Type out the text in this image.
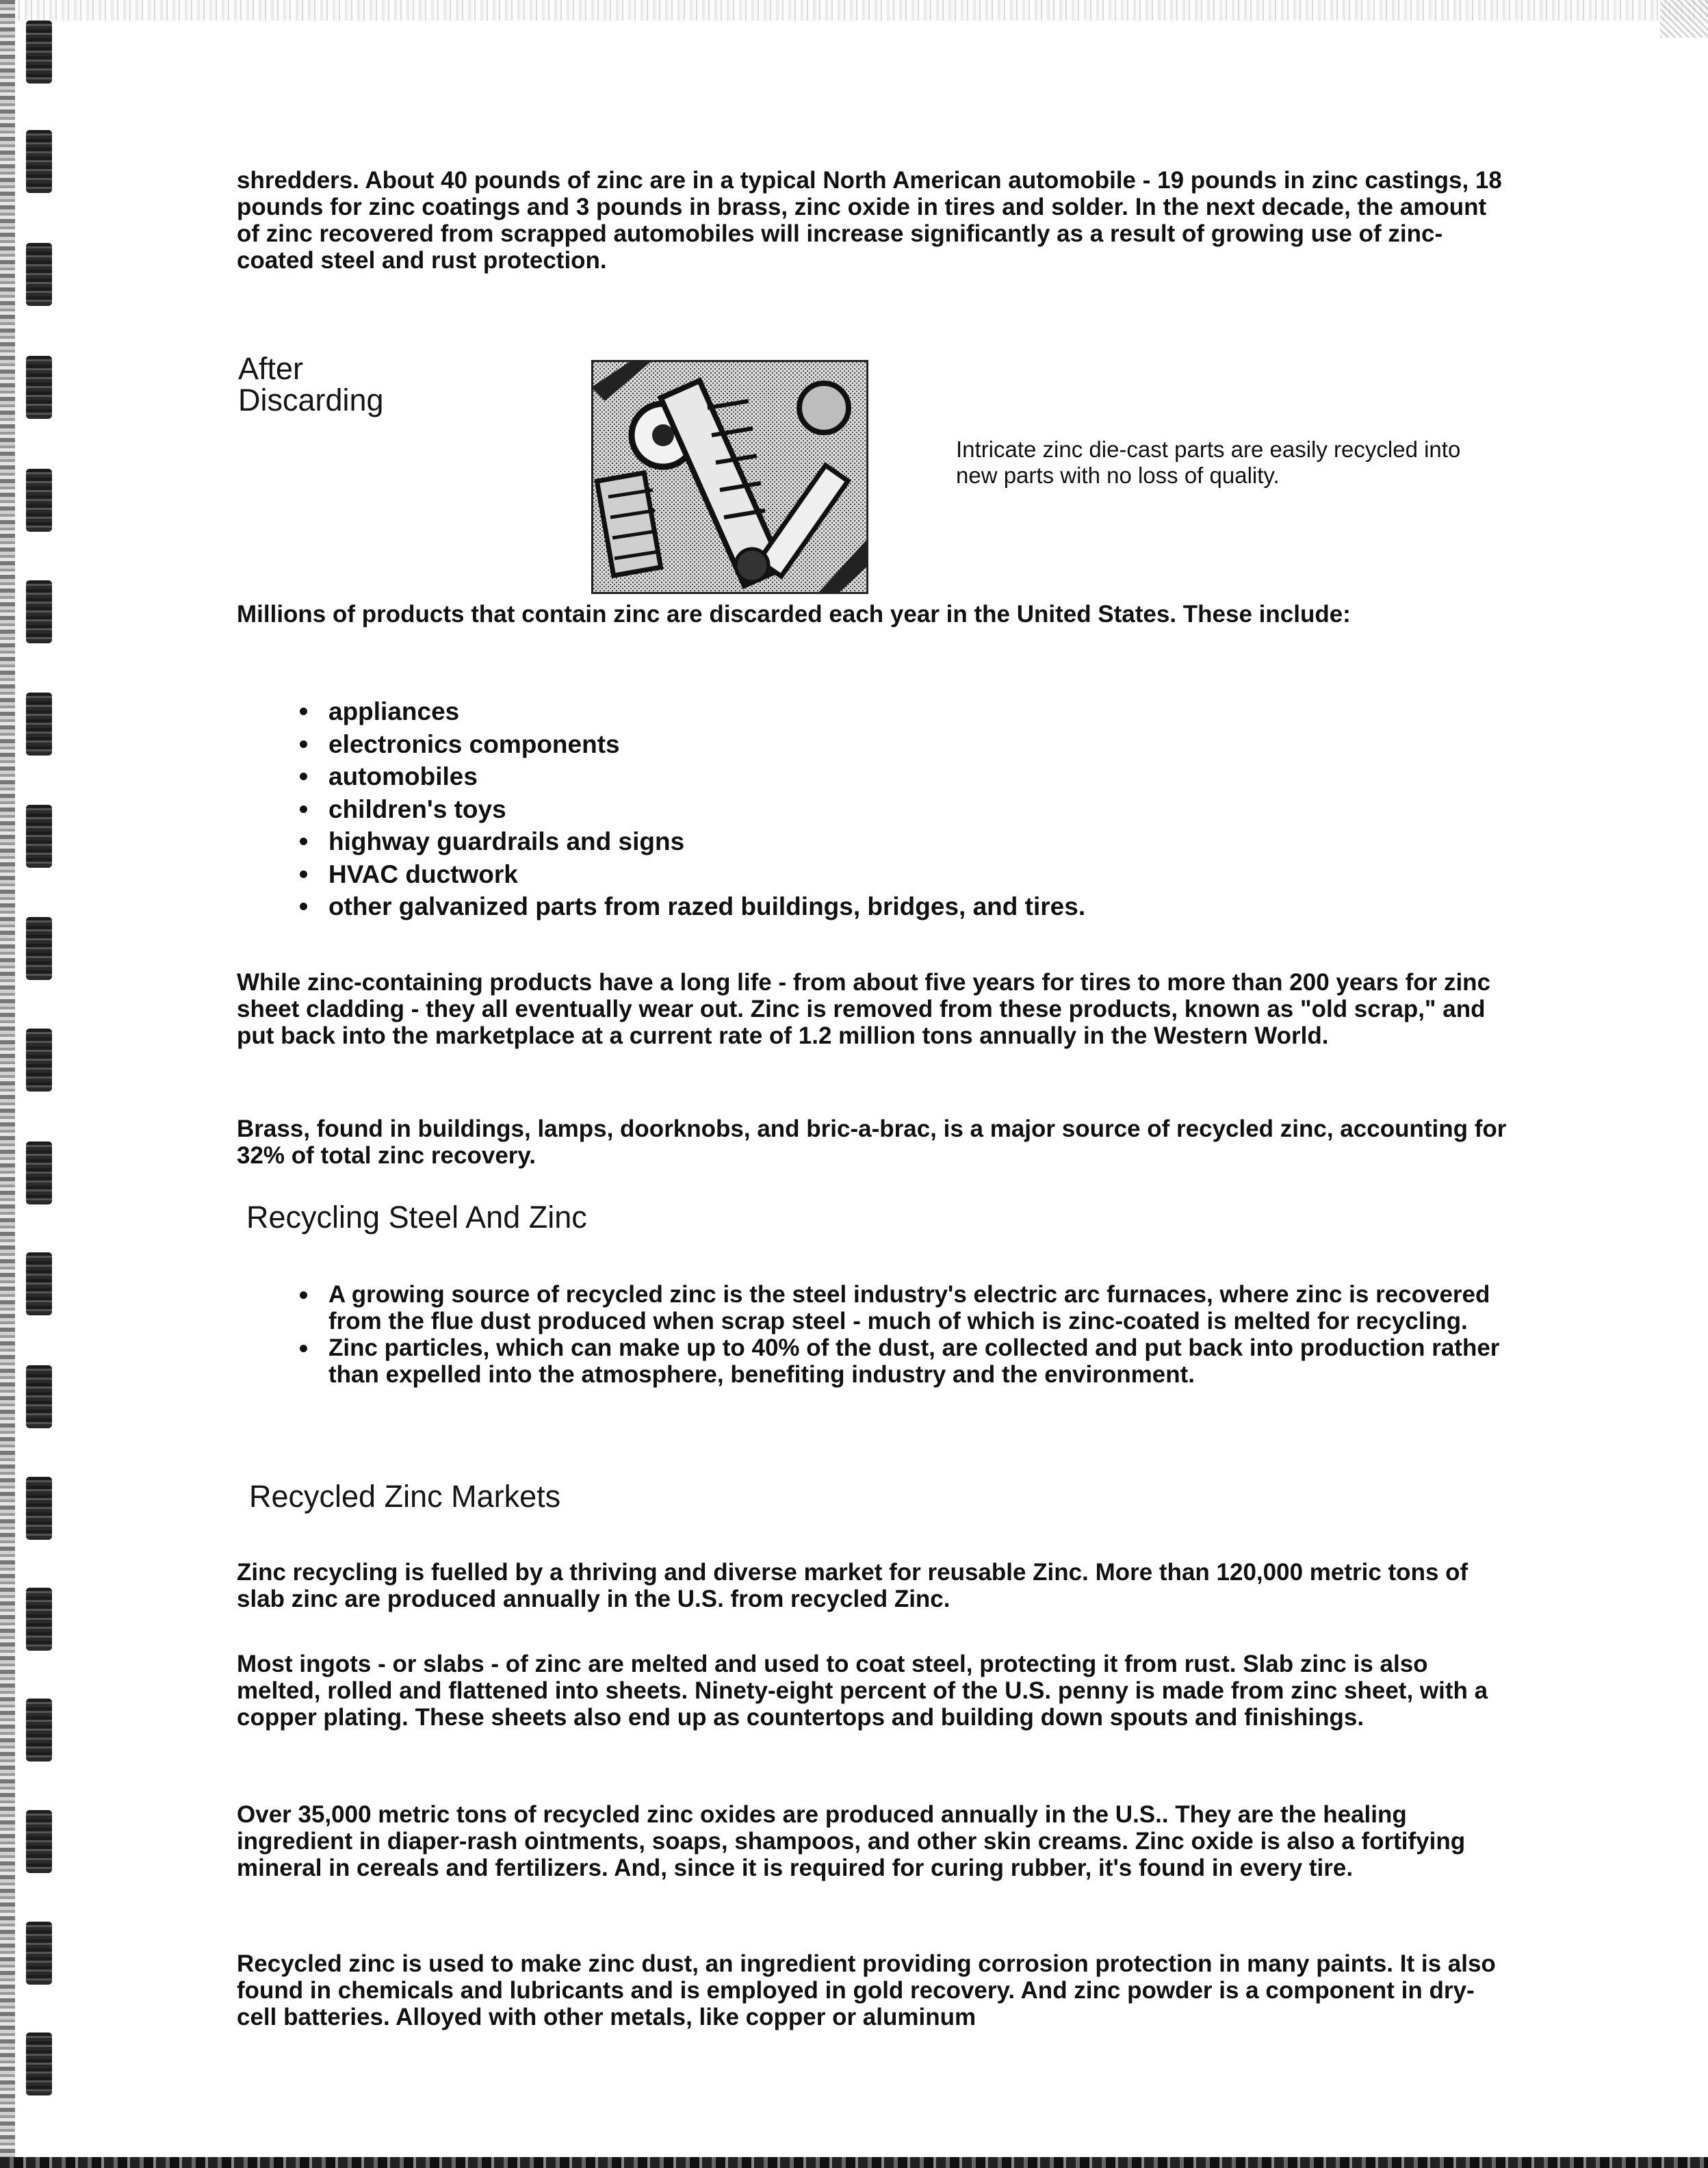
shredders. About 40 pounds of zinc are in a typical North American automobile - 19 pounds in zinc castings, 18 pounds for zinc coatings and 3 pounds in brass, zinc oxide in tires and solder. In the next decade, the amount of zinc recovered from scrapped automobiles will increase significantly as a result of growing use of zinc-coated steel and rust protection.

After
Discarding

Intricate zinc die-cast parts are easily recycled into new parts with no loss of quality.

Millions of products that contain zinc are discarded each year in the United States. These include:

appliances
electronics components
automobiles
children's toys
highway guardrails and signs
HVAC ductwork
other galvanized parts from razed buildings, bridges, and tires.

While zinc-containing products have a long life - from about five years for tires to more than 200 years for zinc sheet cladding - they all eventually wear out. Zinc is removed from these products, known as "old scrap," and put back into the marketplace at a current rate of 1.2 million tons annually in the Western World.

Brass, found in buildings, lamps, doorknobs, and bric-a-brac, is a major source of recycled zinc, accounting for 32% of total zinc recovery.

Recycling Steel And Zinc
A growing source of recycled zinc is the steel industry's electric arc furnaces, where zinc is recovered from the flue dust produced when scrap steel - much of which is zinc-coated is melted for recycling.
Zinc particles, which can make up to 40% of the dust, are collected and put back into production rather than expelled into the atmosphere, benefiting industry and the environment.
Recycled Zinc Markets

Zinc recycling is fuelled by a thriving and diverse market for reusable Zinc. More than 120,000 metric tons of slab zinc are produced annually in the U.S. from recycled Zinc.

Most ingots - or slabs - of zinc are melted and used to coat steel, protecting it from rust. Slab zinc is also melted, rolled and flattened into sheets. Ninety-eight percent of the U.S. penny is made from zinc sheet, with a copper plating. These sheets also end up as countertops and building down spouts and finishings.

Over 35,000 metric tons of recycled zinc oxides are produced annually in the U.S.. They are the healing ingredient in diaper-rash ointments, soaps, shampoos, and other skin creams. Zinc oxide is also a fortifying mineral in cereals and fertilizers. And, since it is required for curing rubber, it's found in every tire.

Recycled zinc is used to make zinc dust, an ingredient providing corrosion protection in many paints. It is also found in chemicals and lubricants and is employed in gold recovery. And zinc powder is a component in dry-cell batteries. Alloyed with other metals, like copper or aluminum
